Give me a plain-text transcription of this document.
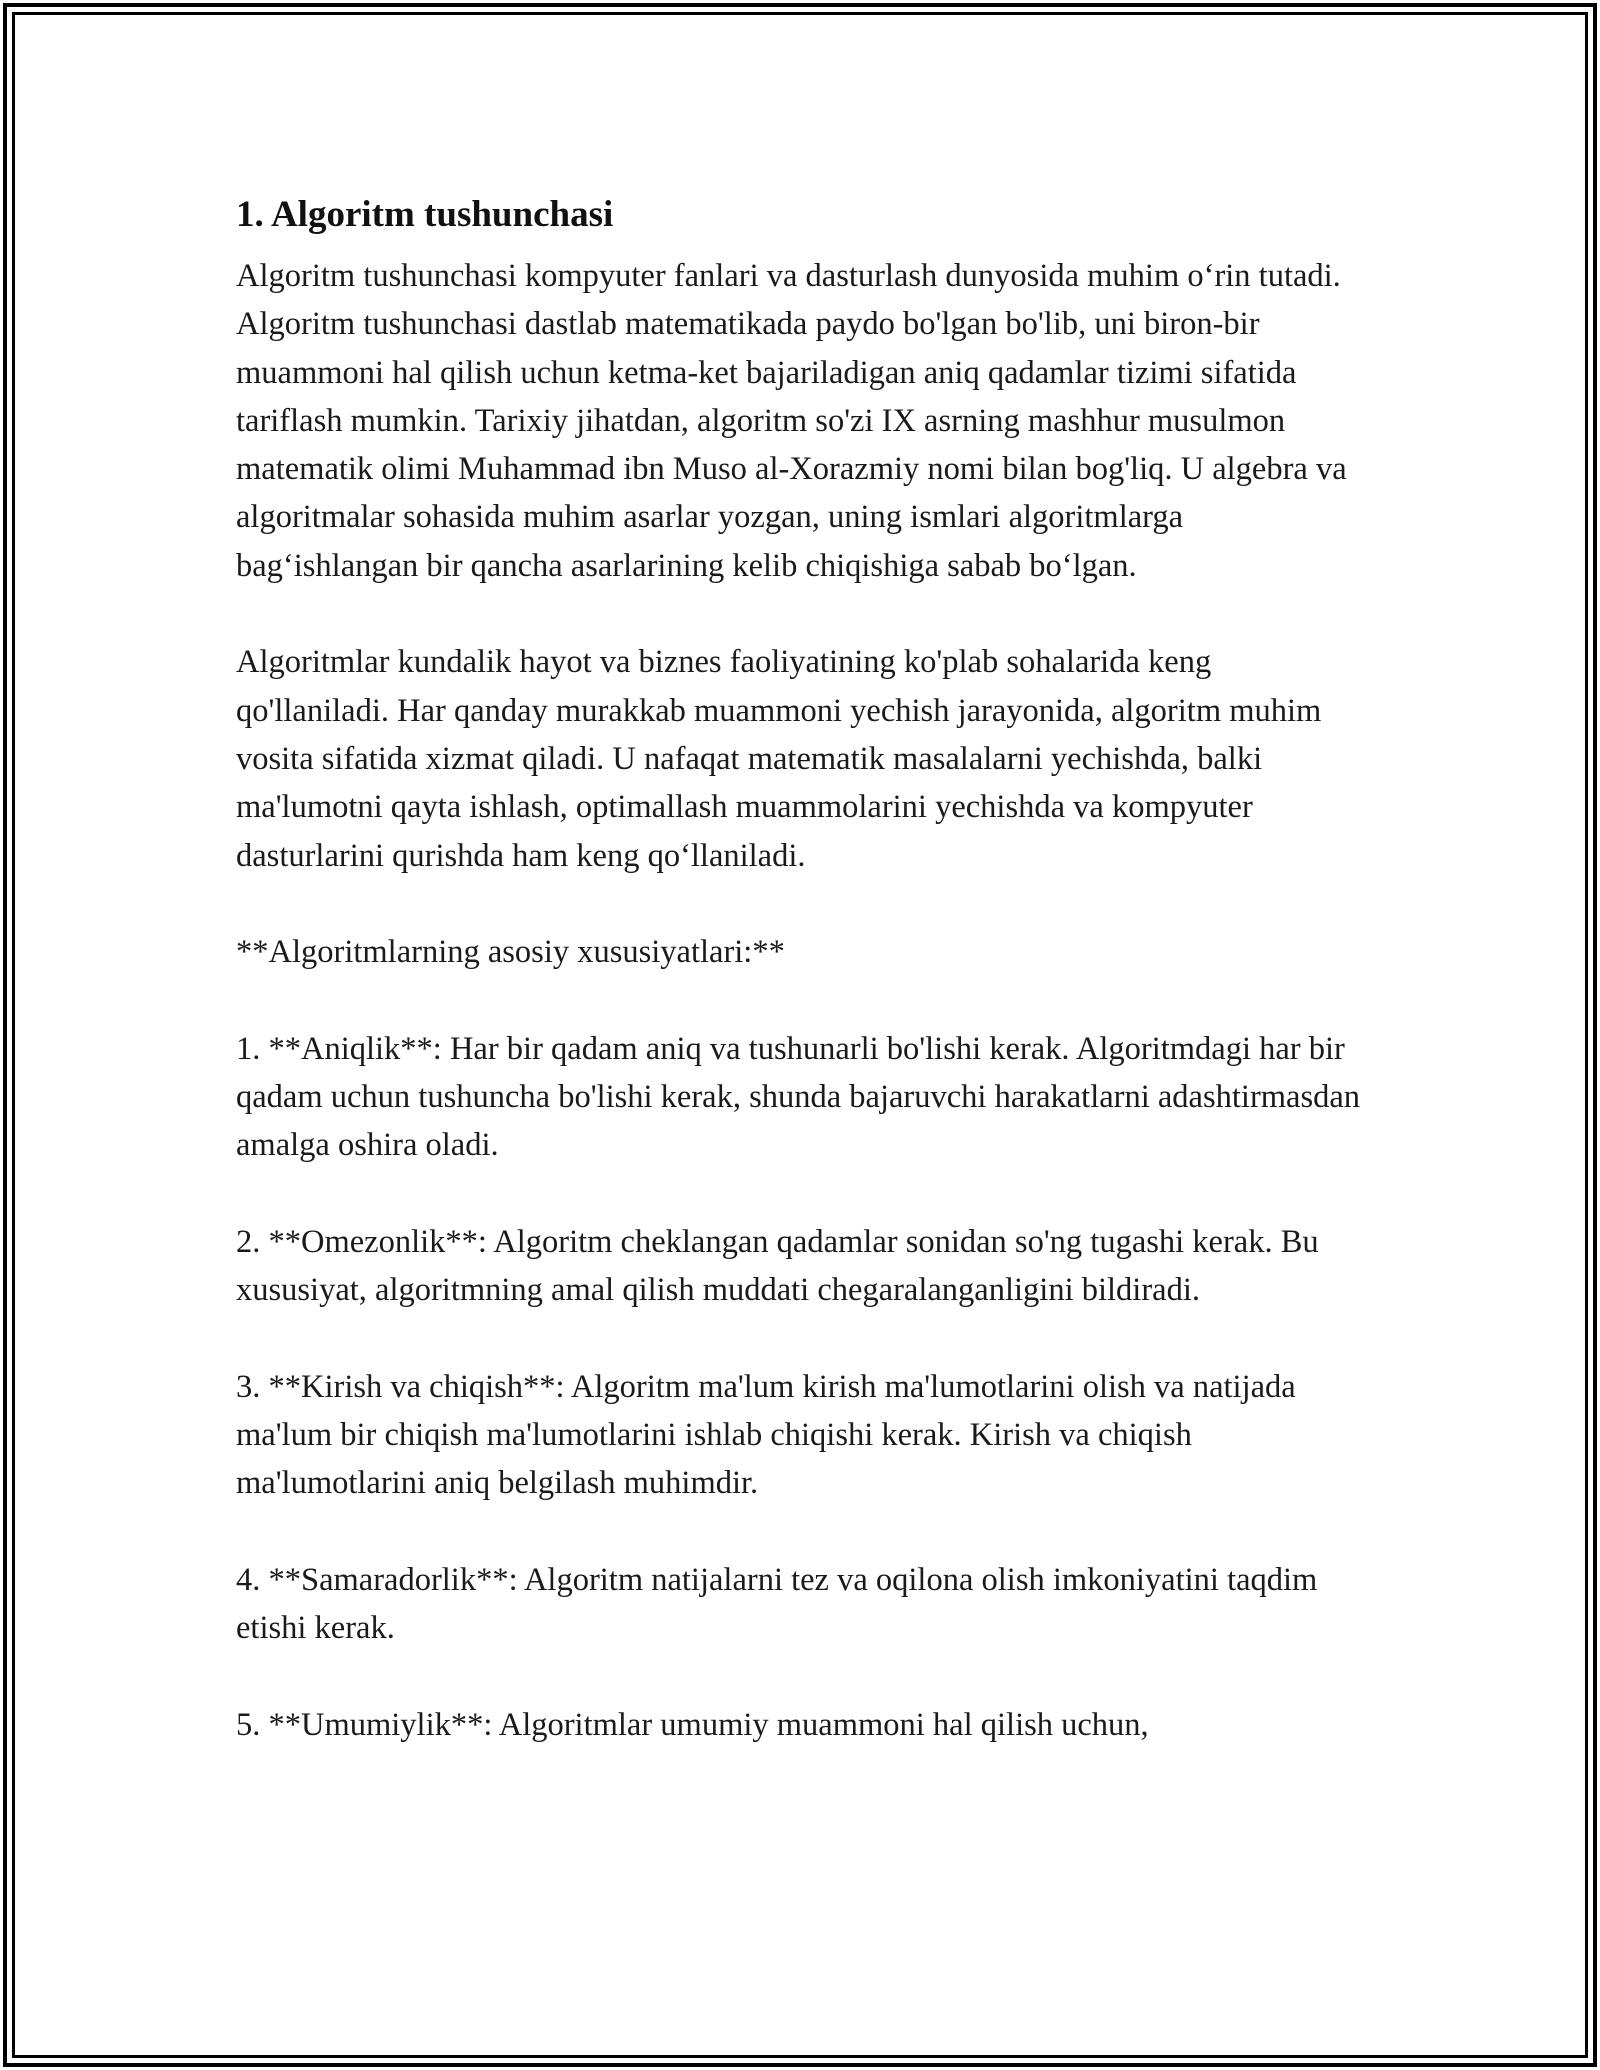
1. Algoritm tushunchasi

Algoritm tushunchasi kompyuter fanlari va dasturlash dunyosida muhim o‘rin tutadi. Algoritm tushunchasi dastlab matematikada paydo bo'lgan bo'lib, uni biron-bir muammoni hal qilish uchun ketma-ket bajariladigan aniq qadamlar tizimi sifatida tariflash mumkin. Tarixiy jihatdan, algoritm so'zi IX asrning mashhur musulmon matematik olimi Muhammad ibn Muso al-Xorazmiy nomi bilan bog'liq. U algebra va algoritmalar sohasida muhim asarlar yozgan, uning ismlari algoritmlarga bag‘ishlangan bir qancha asarlarining kelib chiqishiga sabab bo‘lgan.

Algoritmlar kundalik hayot va biznes faoliyatining ko'plab sohalarida keng qo'llaniladi. Har qanday murakkab muammoni yechish jarayonida, algoritm muhim vosita sifatida xizmat qiladi. U nafaqat matematik masalalarni yechishda, balki ma'lumotni qayta ishlash, optimallash muammolarini yechishda va kompyuter dasturlarini qurishda ham keng qo‘llaniladi.

**Algoritmlarning asosiy xususiyatlari:**

1. **Aniqlik**: Har bir qadam aniq va tushunarli bo'lishi kerak. Algoritmdagi har bir qadam uchun tushuncha bo'lishi kerak, shunda bajaruvchi harakatlarni adashtirmasdan amalga oshira oladi.

2. **Omezonlik**: Algoritm cheklangan qadamlar sonidan so'ng tugashi kerak. Bu xususiyat, algoritmning amal qilish muddati chegaralanganligini bildiradi.

3. **Kirish va chiqish**: Algoritm ma'lum kirish ma'lumotlarini olish va natijada ma'lum bir chiqish ma'lumotlarini ishlab chiqishi kerak. Kirish va chiqish ma'lumotlarini aniq belgilash muhimdir.

4. **Samaradorlik**: Algoritm natijalarni tez va oqilona olish imkoniyatini taqdim etishi kerak.

5. **Umumiylik**: Algoritmlar umumiy muammoni hal qilish uchun,
